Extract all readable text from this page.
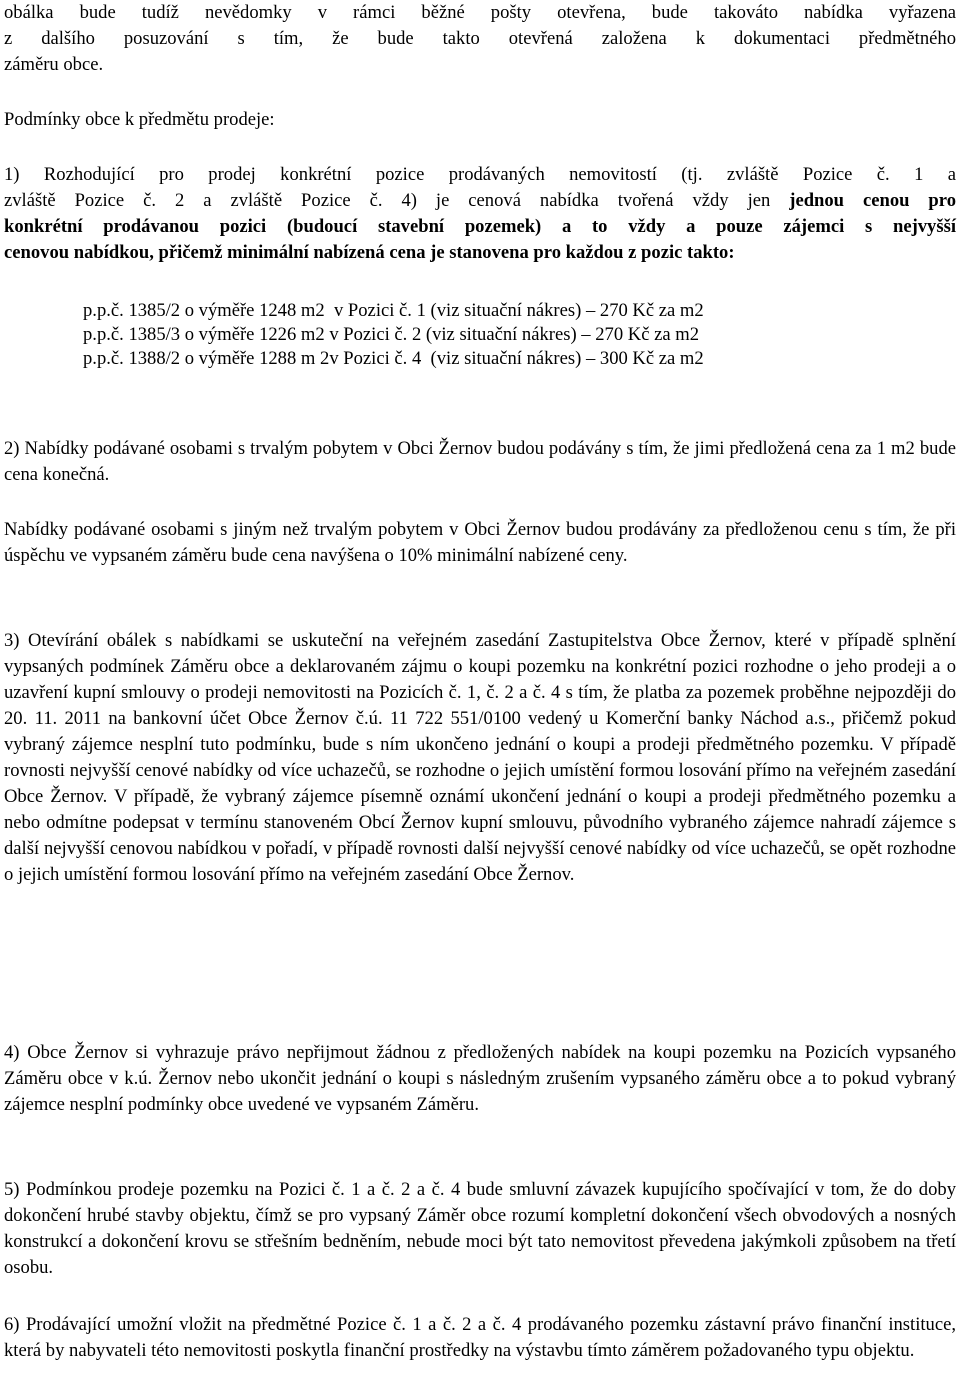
obálka bude tudíž nevědomky v rámci běžné pošty otevřena, bude takováto nabídka vyřazena
z dalšího posuzování s tím, že bude takto otevřená založena k dokumentaci předmětného
záměru obce.
Podmínky obce k předmětu prodeje:
1) Rozhodující pro prodej konkrétní pozice prodávaných nemovitostí (tj. zvláště Pozice č. 1 a
zvláště Pozice č. 2 a zvláště Pozice č. 4) je cenová nabídka tvořená vždy jen jednou cenou pro
konkrétní prodávanou pozici (budoucí stavební pozemek) a to vždy a pouze zájemci s nejvyšší
cenovou nabídkou, přičemž minimální nabízená cena je stanovena pro každou z pozic takto:
p.p.č. 1385/2 o výměře 1248 m2  v Pozici č. 1 (viz situační nákres) – 270 Kč za m2
p.p.č. 1385/3 o výměře 1226 m2 v Pozici č. 2 (viz situační nákres) – 270 Kč za m2
p.p.č. 1388/2 o výměře 1288 m 2v Pozici č. 4  (viz situační nákres) – 300 Kč za m2
2) Nabídky podávané osobami s trvalým pobytem v Obci Žernov budou podávány s tím, že jimi předložená cena za 1 m2 bude cena konečná.
Nabídky podávané osobami s jiným než trvalým pobytem v Obci Žernov budou prodávány za předloženou cenu s tím, že při úspěchu ve vypsaném záměru bude cena navýšena o 10% minimální nabízené ceny.
3) Otevírání obálek s nabídkami se uskuteční na veřejném zasedání Zastupitelstva Obce Žernov, které v případě splnění vypsaných podmínek Záměru obce a deklarovaném zájmu o koupi pozemku na konkrétní pozici rozhodne o jeho prodeji a o uzavření kupní smlouvy o prodeji nemovitosti na Pozicích č. 1, č. 2 a č. 4 s tím, že platba za pozemek proběhne nejpozději do 20. 11. 2011 na bankovní účet Obce Žernov č.ú. 11 722 551/0100 vedený u Komerční banky Náchod a.s., přičemž pokud vybraný zájemce nesplní tuto podmínku, bude s ním ukončeno jednání o koupi a prodeji předmětného pozemku. V případě rovnosti nejvyšší cenové nabídky od více uchazečů, se rozhodne o jejich umístění formou losování přímo na veřejném zasedání Obce Žernov. V případě, že vybraný zájemce písemně oznámí ukončení jednání o koupi a prodeji předmětného pozemku a nebo odmítne podepsat v termínu stanoveném Obcí Žernov kupní smlouvu, původního vybraného zájemce nahradí zájemce s další nejvyšší cenovou nabídkou v pořadí, v případě rovnosti další nejvyšší cenové nabídky od více uchazečů, se opět rozhodne o jejich umístění formou losování přímo na veřejném zasedání Obce Žernov.
4) Obce Žernov si vyhrazuje právo nepřijmout žádnou z předložených nabídek na koupi pozemku na Pozicích vypsaného Záměru obce v k.ú. Žernov nebo ukončit jednání o koupi s následným zrušením vypsaného záměru obce a to pokud vybraný zájemce nesplní podmínky obce uvedené ve vypsaném Záměru.
5) Podmínkou prodeje pozemku na Pozici č. 1 a č. 2 a č. 4 bude smluvní závazek kupujícího spočívající v tom, že do doby dokončení hrubé stavby objektu, čímž se pro vypsaný Záměr obce rozumí kompletní dokončení všech obvodových a nosných konstrukcí a dokončení krovu se střešním bedněním, nebude moci být tato nemovitost převedena jakýmkoli způsobem na třetí osobu.
6) Prodávající umožní vložit na předmětné Pozice č. 1 a č. 2 a č. 4 prodávaného pozemku zástavní právo finanční instituce, která by nabyvateli této nemovitosti poskytla finanční prostředky na výstavbu tímto záměrem požadovaného typu objektu.
